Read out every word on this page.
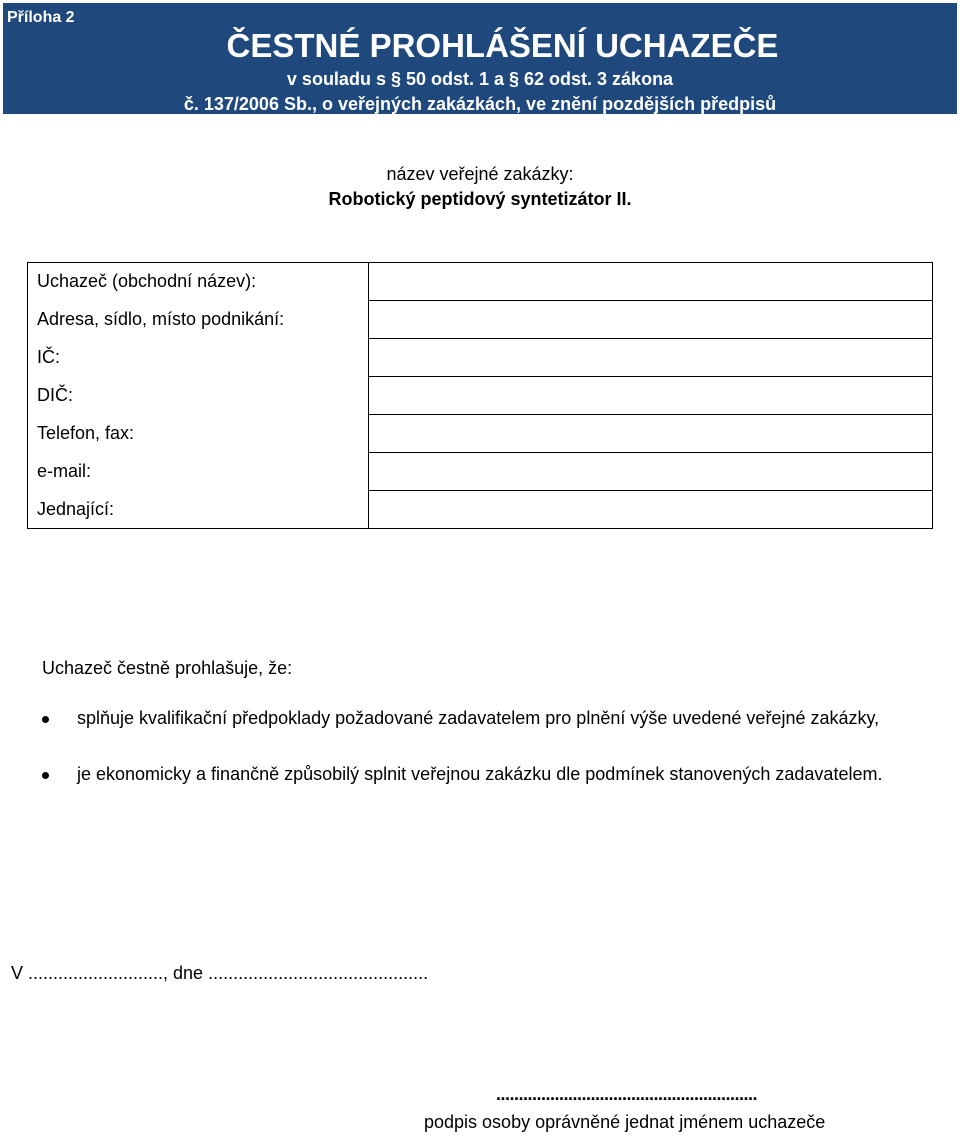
Příloha 2
ČESTNÉ PROHLÁŠENÍ UCHAZEČE
v souladu s § 50 odst. 1 a § 62 odst. 3 zákona
č. 137/2006 Sb., o veřejných zakázkách, ve znění pozdějších předpisů
název veřejné zakázky:
Robotický peptidový syntetizátor II.
Uchazeč (obchodní název):	
Adresa, sídlo, místo podnikání:	
IČ:	
DIČ:	
Telefon, fax:	
e-mail:	
Jednající:	
Uchazeč čestně prohlašuje, že:
splňuje kvalifikační předpoklady požadované zadavatelem pro plnění výše uvedené veřejné zakázky,
je ekonomicky a finančně způsobilý splnit veřejnou zakázku dle podmínek stanovených zadavatelem.
V ..........................., dne ............................................
..........................................................
podpis osoby oprávněné jednat jménem uchazeče
